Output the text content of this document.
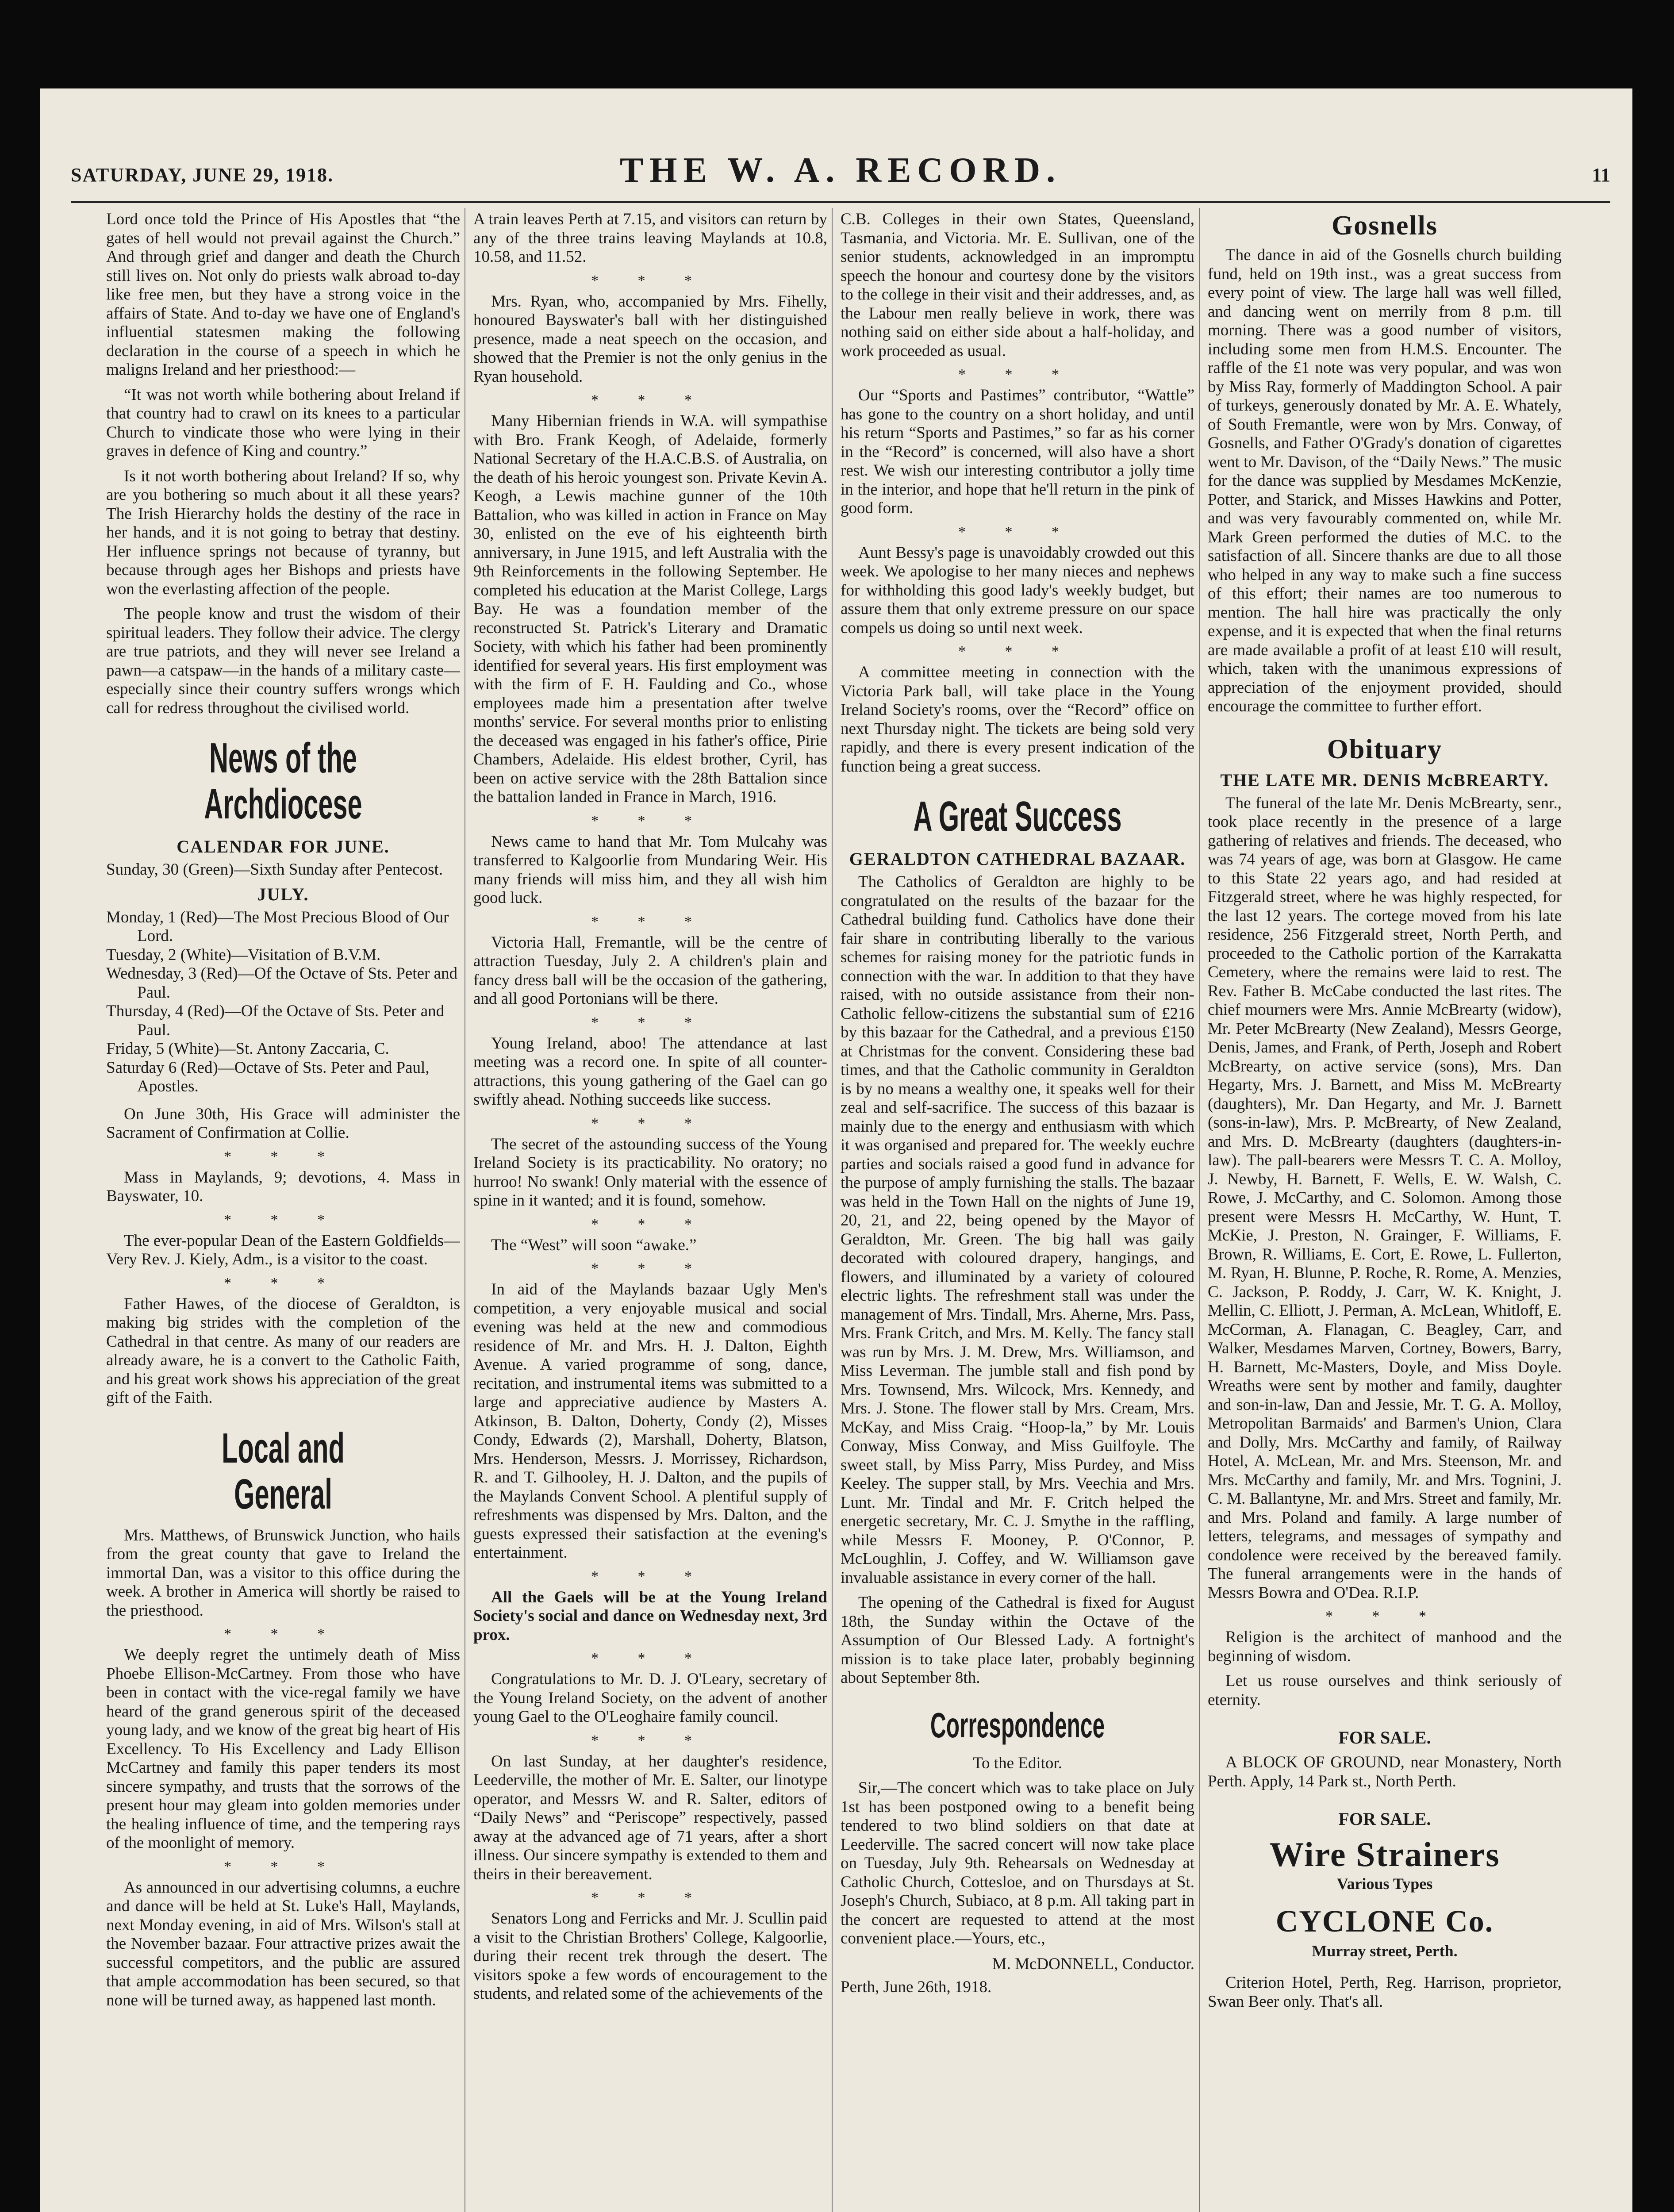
SATURDAY, JUNE 29, 1918.	THE W. A. RECORD.	11

Lord once told the Prince of His Apostles that “the gates of hell would not prevail against the Church.” And through grief and danger and death the Church still lives on. Not only do priests walk abroad to-day like free men, but they have a strong voice in the affairs of State. And to-day we have one of England's influential statesmen making the following declaration in the course of a speech in which he maligns Ireland and her priesthood:—

“It was not worth while bothering about Ireland if that country had to crawl on its knees to a particular Church to vindicate those who were lying in their graves in defence of King and country.”

Is it not worth bothering about Ireland? If so, why are you bothering so much about it all these years? The Irish Hierarchy holds the destiny of the race in her hands, and it is not going to betray that destiny. Her influence springs not because of tyranny, but because through ages her Bishops and priests have won the everlasting affection of the people.

The people know and trust the wisdom of their spiritual leaders. They follow their advice. The clergy are true patriots, and they will never see Ireland a pawn—a catspaw—in the hands of a military caste—especially since their country suffers wrongs which call for redress throughout the civilised world.

News of the Archdiocese
CALENDAR FOR JUNE.

Sunday, 30 (Green)—Sixth Sunday after Pentecost.

JULY.

Monday, 1 (Red)—The Most Precious Blood of Our Lord.

Tuesday, 2 (White)—Visitation of B.V.M.

Wednesday, 3 (Red)—Of the Octave of Sts. Peter and Paul.

Thursday, 4 (Red)—Of the Octave of Sts. Peter and Paul.

Friday, 5 (White)—St. Antony Zaccaria, C.

Saturday 6 (Red)—Octave of Sts. Peter and Paul, Apostles.

On June 30th, His Grace will administer the Sacrament of Confirmation at Collie.

* * *

Mass in Maylands, 9; devotions, 4. Mass in Bayswater, 10.

* * *

The ever-popular Dean of the Eastern Goldfields—Very Rev. J. Kiely, Adm., is a visitor to the coast.

* * *

Father Hawes, of the diocese of Geraldton, is making big strides with the completion of the Cathedral in that centre. As many of our readers are already aware, he is a convert to the Catholic Faith, and his great work shows his appreciation of the great gift of the Faith.

Local and General

Mrs. Matthews, of Brunswick Junction, who hails from the great county that gave to Ireland the immortal Dan, was a visitor to this office during the week. A brother in America will shortly be raised to the priesthood.

* * *

We deeply regret the untimely death of Miss Phoebe Ellison-McCartney. From those who have been in contact with the vice-regal family we have heard of the grand generous spirit of the deceased young lady, and we know of the great big heart of His Excellency. To His Excellency and Lady Ellison McCartney and family this paper tenders its most sincere sympathy, and trusts that the sorrows of the present hour may gleam into golden memories under the healing influence of time, and the tempering rays of the moonlight of memory.

* * *

As announced in our advertising columns, a euchre and dance will be held at St. Luke's Hall, Maylands, next Monday evening, in aid of Mrs. Wilson's stall at the November bazaar. Four attractive prizes await the successful competitors, and the public are assured that ample accommodation has been secured, so that none will be turned away, as happened last month.

A train leaves Perth at 7.15, and visitors can return by any of the three trains leaving Maylands at 10.8, 10.58, and 11.52.

* * *

Mrs. Ryan, who, accompanied by Mrs. Fihelly, honoured Bayswater's ball with her distinguished presence, made a neat speech on the occasion, and showed that the Premier is not the only genius in the Ryan household.

* * *

Many Hibernian friends in W.A. will sympathise with Bro. Frank Keogh, of Adelaide, formerly National Secretary of the H.A.C.B.S. of Australia, on the death of his heroic youngest son. Private Kevin A. Keogh, a Lewis machine gunner of the 10th Battalion, who was killed in action in France on May 30, enlisted on the eve of his eighteenth birth anniversary, in June 1915, and left Australia with the 9th Reinforcements in the following September. He completed his education at the Marist College, Largs Bay. He was a foundation member of the reconstructed St. Patrick's Literary and Dramatic Society, with which his father had been prominently identified for several years. His first employment was with the firm of F. H. Faulding and Co., whose employees made him a presentation after twelve months' service. For several months prior to enlisting the deceased was engaged in his father's office, Pirie Chambers, Adelaide. His eldest brother, Cyril, has been on active service with the 28th Battalion since the battalion landed in France in March, 1916.

* * *

News came to hand that Mr. Tom Mulcahy was transferred to Kalgoorlie from Mundaring Weir. His many friends will miss him, and they all wish him good luck.

* * *

Victoria Hall, Fremantle, will be the centre of attraction Tuesday, July 2. A children's plain and fancy dress ball will be the occasion of the gathering, and all good Portonians will be there.

* * *

Young Ireland, aboo! The attendance at last meeting was a record one. In spite of all counter-attractions, this young gathering of the Gael can go swiftly ahead. Nothing succeeds like success.

* * *

The secret of the astounding success of the Young Ireland Society is its practicability. No oratory; no hurroo! No swank! Only material with the essence of spine in it wanted; and it is found, somehow.

* * *

The “West” will soon “awake.”

* * *

In aid of the Maylands bazaar Ugly Men's competition, a very enjoyable musical and social evening was held at the new and commodious residence of Mr. and Mrs. H. J. Dalton, Eighth Avenue. A varied programme of song, dance, recitation, and instrumental items was submitted to a large and appreciative audience by Masters A. Atkinson, B. Dalton, Doherty, Condy (2), Misses Condy, Edwards (2), Marshall, Doherty, Blatson, Mrs. Henderson, Messrs. J. Morrissey, Richardson, R. and T. Gilhooley, H. J. Dalton, and the pupils of the Maylands Convent School. A plentiful supply of refreshments was dispensed by Mrs. Dalton, and the guests expressed their satisfaction at the evening's entertainment.

* * *

All the Gaels will be at the Young Ireland Society's social and dance on Wednesday next, 3rd prox.

* * *

Congratulations to Mr. D. J. O'Leary, secretary of the Young Ireland Society, on the advent of another young Gael to the O'Leoghaire family council.

* * *

On last Sunday, at her daughter's residence, Leederville, the mother of Mr. E. Salter, our linotype operator, and Messrs W. and R. Salter, editors of “Daily News” and “Periscope” respectively, passed away at the advanced age of 71 years, after a short illness. Our sincere sympathy is extended to them and theirs in their bereavement.

* * *

Senators Long and Ferricks and Mr. J. Scullin paid a visit to the Christian Brothers' College, Kalgoorlie, during their recent trek through the desert. The visitors spoke a few words of encouragement to the students, and related some of the achievements of the

C.B. Colleges in their own States, Queensland, Tasmania, and Victoria. Mr. E. Sullivan, one of the senior students, acknowledged in an impromptu speech the honour and courtesy done by the visitors to the college in their visit and their addresses, and, as the Labour men really believe in work, there was nothing said on either side about a half-holiday, and work proceeded as usual.

* * *

Our “Sports and Pastimes” contributor, “Wattle” has gone to the country on a short holiday, and until his return “Sports and Pastimes,” so far as his corner in the “Record” is concerned, will also have a short rest. We wish our interesting contributor a jolly time in the interior, and hope that he'll return in the pink of good form.

* * *

Aunt Bessy's page is unavoidably crowded out this week. We apologise to her many nieces and nephews for withholding this good lady's weekly budget, but assure them that only extreme pressure on our space compels us doing so until next week.

* * *

A committee meeting in connection with the Victoria Park ball, will take place in the Young Ireland Society's rooms, over the “Record” office on next Thursday night. The tickets are being sold very rapidly, and there is every present indication of the function being a great success.

A Great Success
GERALDTON CATHEDRAL BAZAAR.

The Catholics of Geraldton are highly to be congratulated on the results of the bazaar for the Cathedral building fund. Catholics have done their fair share in contributing liberally to the various schemes for raising money for the patriotic funds in connection with the war. In addition to that they have raised, with no outside assistance from their non-Catholic fellow-citizens the substantial sum of £216 by this bazaar for the Cathedral, and a previous £150 at Christmas for the convent. Considering these bad times, and that the Catholic community in Geraldton is by no means a wealthy one, it speaks well for their zeal and self-sacrifice. The success of this bazaar is mainly due to the energy and enthusiasm with which it was organised and prepared for. The weekly euchre parties and socials raised a good fund in advance for the purpose of amply furnishing the stalls. The bazaar was held in the Town Hall on the nights of June 19, 20, 21, and 22, being opened by the Mayor of Geraldton, Mr. Green. The big hall was gaily decorated with coloured drapery, hangings, and flowers, and illuminated by a variety of coloured electric lights. The refreshment stall was under the management of Mrs. Tindall, Mrs. Aherne, Mrs. Pass, Mrs. Frank Critch, and Mrs. M. Kelly. The fancy stall was run by Mrs. J. M. Drew, Mrs. Williamson, and Miss Leverman. The jumble stall and fish pond by Mrs. Townsend, Mrs. Wilcock, Mrs. Kennedy, and Mrs. J. Stone. The flower stall by Mrs. Cream, Mrs. McKay, and Miss Craig. “Hoop-la,” by Mr. Louis Conway, Miss Conway, and Miss Guilfoyle. The sweet stall, by Miss Parry, Miss Purdey, and Miss Keeley. The supper stall, by Mrs. Veechia and Mrs. Lunt. Mr. Tindal and Mr. F. Critch helped the energetic secretary, Mr. C. J. Smythe in the raffling, while Messrs F. Mooney, P. O'Connor, P. McLoughlin, J. Coffey, and W. Williamson gave invaluable assistance in every corner of the hall.

The opening of the Cathedral is fixed for August 18th, the Sunday within the Octave of the Assumption of Our Blessed Lady. A fortnight's mission is to take place later, probably beginning about September 8th.

Correspondence

To the Editor.

Sir,—The concert which was to take place on July 1st has been postponed owing to a benefit being tendered to two blind soldiers on that date at Leederville. The sacred concert will now take place on Tuesday, July 9th. Rehearsals on Wednesday at Catholic Church, Cottesloe, and on Thursdays at St. Joseph's Church, Subiaco, at 8 p.m. All taking part in the concert are requested to attend at the most convenient place.—Yours, etc.,

M. McDONNELL, Conductor.

Perth, June 26th, 1918.

Gosnells

The dance in aid of the Gosnells church building fund, held on 19th inst., was a great success from every point of view. The large hall was well filled, and dancing went on merrily from 8 p.m. till morning. There was a good number of visitors, including some men from H.M.S. Encounter. The raffle of the £1 note was very popular, and was won by Miss Ray, formerly of Maddington School. A pair of turkeys, generously donated by Mr. A. E. Whately, of South Fremantle, were won by Mrs. Conway, of Gosnells, and Father O'Grady's donation of cigarettes went to Mr. Davison, of the “Daily News.” The music for the dance was supplied by Mesdames McKenzie, Potter, and Starick, and Misses Hawkins and Potter, and was very favourably commented on, while Mr. Mark Green performed the duties of M.C. to the satisfaction of all. Sincere thanks are due to all those who helped in any way to make such a fine success of this effort; their names are too numerous to mention. The hall hire was practically the only expense, and it is expected that when the final returns are made available a profit of at least £10 will result, which, taken with the unanimous expressions of appreciation of the enjoyment provided, should encourage the committee to further effort.

Obituary
THE LATE MR. DENIS McBREARTY.

The funeral of the late Mr. Denis McBrearty, senr., took place recently in the presence of a large gathering of relatives and friends. The deceased, who was 74 years of age, was born at Glasgow. He came to this State 22 years ago, and had resided at Fitzgerald street, where he was highly respected, for the last 12 years. The cortege moved from his late residence, 256 Fitzgerald street, North Perth, and proceeded to the Catholic portion of the Karrakatta Cemetery, where the remains were laid to rest. The Rev. Father B. McCabe conducted the last rites. The chief mourners were Mrs. Annie McBrearty (widow), Mr. Peter McBrearty (New Zealand), Messrs George, Denis, James, and Frank, of Perth, Joseph and Robert McBrearty, on active service (sons), Mrs. Dan Hegarty, Mrs. J. Barnett, and Miss M. McBrearty (daughters), Mr. Dan Hegarty, and Mr. J. Barnett (sons-in-law), Mrs. P. McBrearty, of New Zealand, and Mrs. D. McBrearty (daughters (daughters-in-law). The pall-bearers were Messrs T. C. A. Molloy, J. Newby, H. Barnett, F. Wells, E. W. Walsh, C. Rowe, J. McCarthy, and C. Solomon. Among those present were Messrs H. McCarthy, W. Hunt, T. McKie, J. Preston, N. Grainger, F. Williams, F. Brown, R. Williams, E. Cort, E. Rowe, L. Fullerton, M. Ryan, H. Blunne, P. Roche, R. Rome, A. Menzies, C. Jackson, P. Roddy, J. Carr, W. K. Knight, J. Mellin, C. Elliott, J. Perman, A. McLean, Whitloff, E. McCorman, A. Flanagan, C. Beagley, Carr, and Walker, Mesdames Marven, Cortney, Bowers, Barry, H. Barnett, Mc-Masters, Doyle, and Miss Doyle. Wreaths were sent by mother and family, daughter and son-in-law, Dan and Jessie, Mr. T. G. A. Molloy, Metropolitan Barmaids' and Barmen's Union, Clara and Dolly, Mrs. McCarthy and family, of Railway Hotel, A. McLean, Mr. and Mrs. Steenson, Mr. and Mrs. McCarthy and family, Mr. and Mrs. Tognini, J. C. M. Ballantyne, Mr. and Mrs. Street and family, Mr. and Mrs. Poland and family. A large number of letters, telegrams, and messages of sympathy and condolence were received by the bereaved family. The funeral arrangements were in the hands of Messrs Bowra and O'Dea. R.I.P.

* * *

Religion is the architect of manhood and the beginning of wisdom.

Let us rouse ourselves and think seriously of eternity.

FOR SALE.

A BLOCK OF GROUND, near Monastery, North Perth. Apply, 14 Park st., North Perth.

FOR SALE.
Wire Strainers
Various Types
CYCLONE Co.
Murray street, Perth.

Criterion Hotel, Perth, Reg. Harrison, proprietor, Swan Beer only. That's all.
